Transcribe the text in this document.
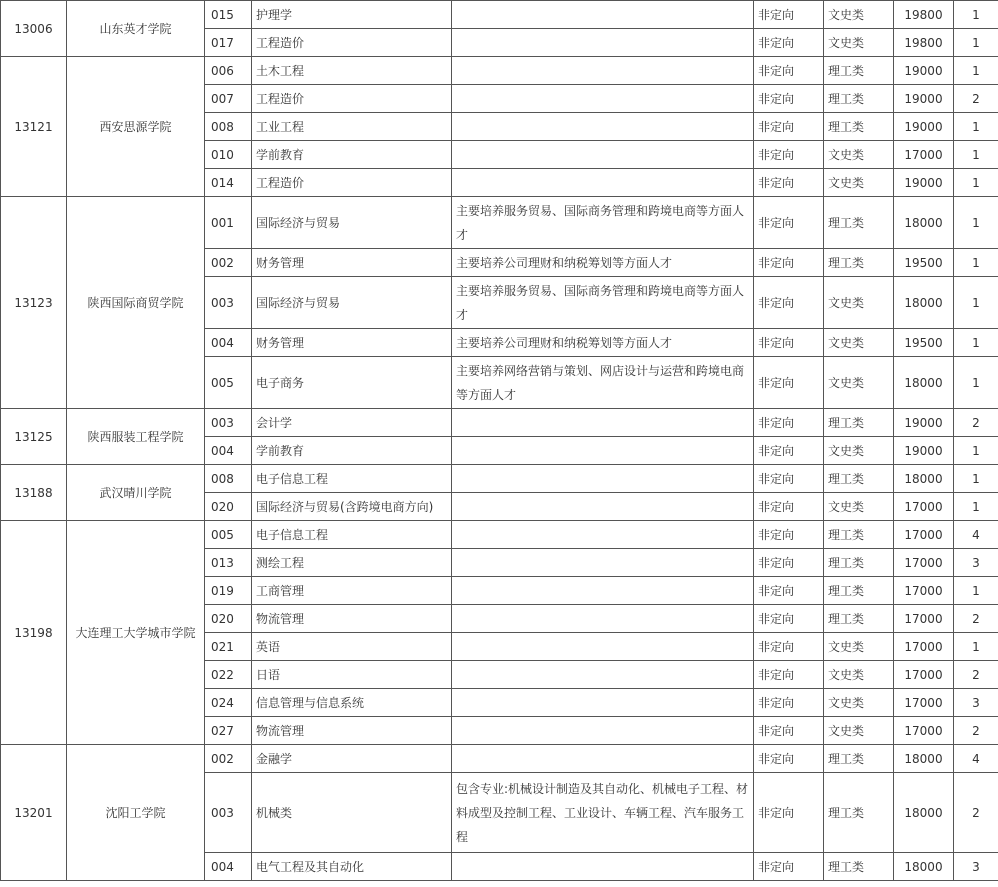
13006	山东英才学院	015	护理学		非定向	文史类	19800	1
		017	工程造价		非定向	文史类	19800	1
13121	西安思源学院	006	土木工程		非定向	理工类	19000	1
		007	工程造价		非定向	理工类	19000	2
		008	工业工程		非定向	理工类	19000	1
		010	学前教育		非定向	文史类	17000	1
		014	工程造价		非定向	文史类	19000	1
13123	陕西国际商贸学院	001	国际经济与贸易	主要培养服务贸易、国际商务管理和跨境电商等方面人才	非定向	理工类	18000	1
		002	财务管理	主要培养公司理财和纳税筹划等方面人才	非定向	理工类	19500	1
		003	国际经济与贸易	主要培养服务贸易、国际商务管理和跨境电商等方面人才	非定向	文史类	18000	1
		004	财务管理	主要培养公司理财和纳税筹划等方面人才	非定向	文史类	19500	1
		005	电子商务	主要培养网络营销与策划、网店设计与运营和跨境电商等方面人才	非定向	文史类	18000	1
13125	陕西服装工程学院	003	会计学		非定向	理工类	19000	2
		004	学前教育		非定向	文史类	19000	1
13188	武汉晴川学院	008	电子信息工程		非定向	理工类	18000	1
		020	国际经济与贸易(含跨境电商方向)		非定向	文史类	17000	1
13198	大连理工大学城市学院	005	电子信息工程		非定向	理工类	17000	4
		013	测绘工程		非定向	理工类	17000	3
		019	工商管理		非定向	理工类	17000	1
		020	物流管理		非定向	理工类	17000	2
		021	英语		非定向	文史类	17000	1
		022	日语		非定向	文史类	17000	2
		024	信息管理与信息系统		非定向	文史类	17000	3
		027	物流管理		非定向	文史类	17000	2
13201	沈阳工学院	002	金融学		非定向	理工类	18000	4
		003	机械类	包含专业:机械设计制造及其自动化、机械电子工程、材料成型及控制工程、工业设计、车辆工程、汽车服务工程	非定向	理工类	18000	2
		004	电气工程及其自动化		非定向	理工类	18000	3
